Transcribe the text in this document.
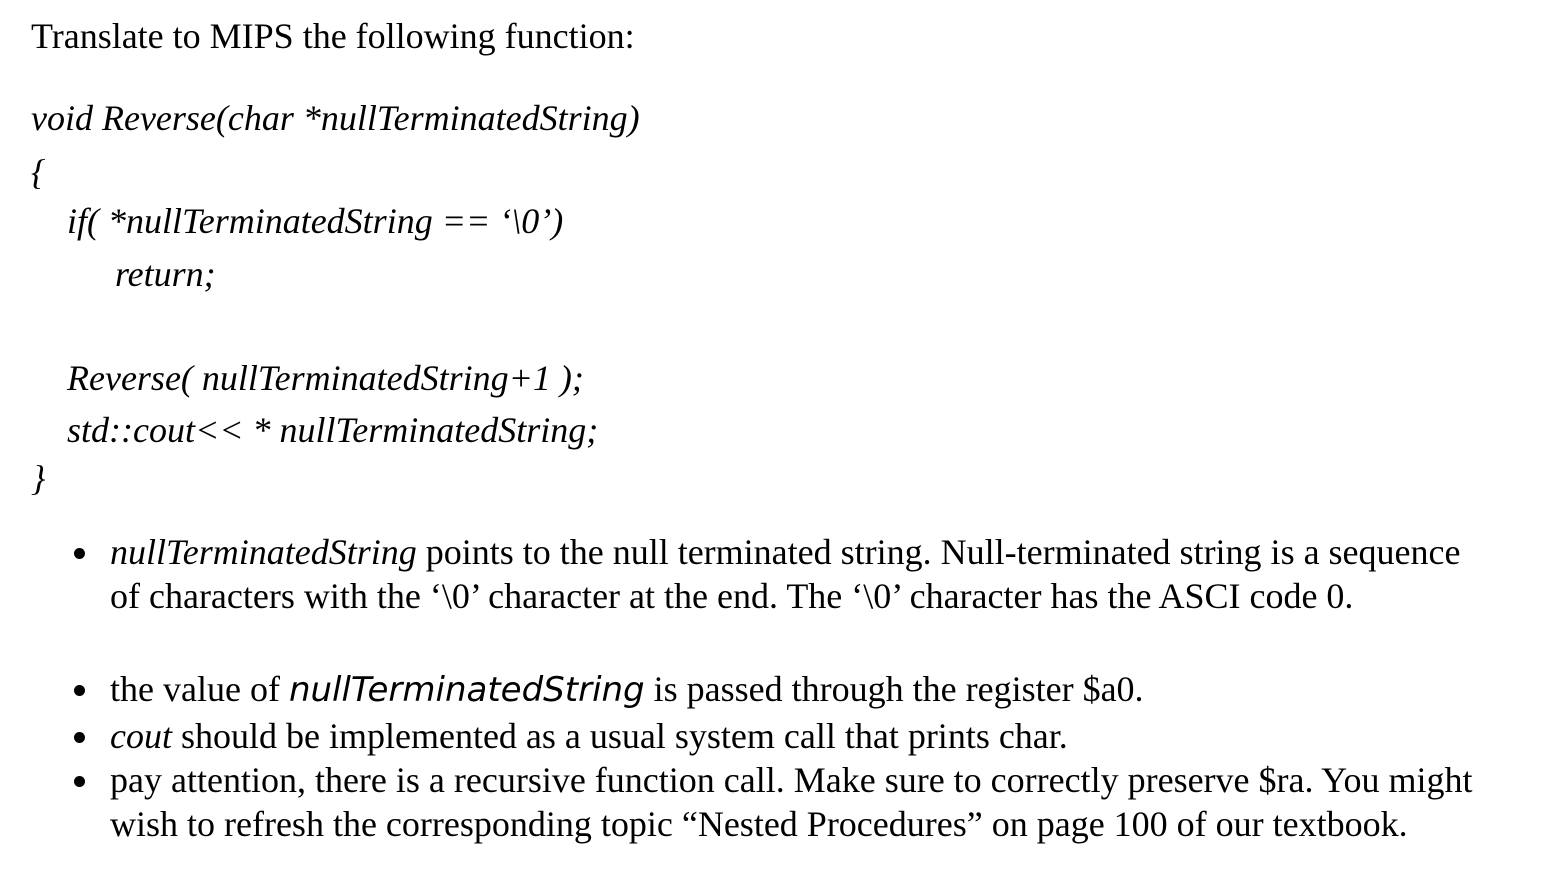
Translate to MIPS the following function:
void Reverse(char *nullTerminatedString)
{
if( *nullTerminatedString == ‘\0’)
return;
Reverse( nullTerminatedString+1 );
std::cout<< * nullTerminatedString;
}
nullTerminatedString points to the null terminated string. Null-terminated string is a sequence of characters with the ‘\0’ character at the end. The ‘\0’ character has the ASCI code 0.
the value of nullTerminatedString is passed through the register $a0.
cout should be implemented as a usual system call that prints char.
pay attention, there is a recursive function call. Make sure to correctly preserve $ra. You might wish to refresh the corresponding topic “Nested Procedures” on page 100 of our textbook.
